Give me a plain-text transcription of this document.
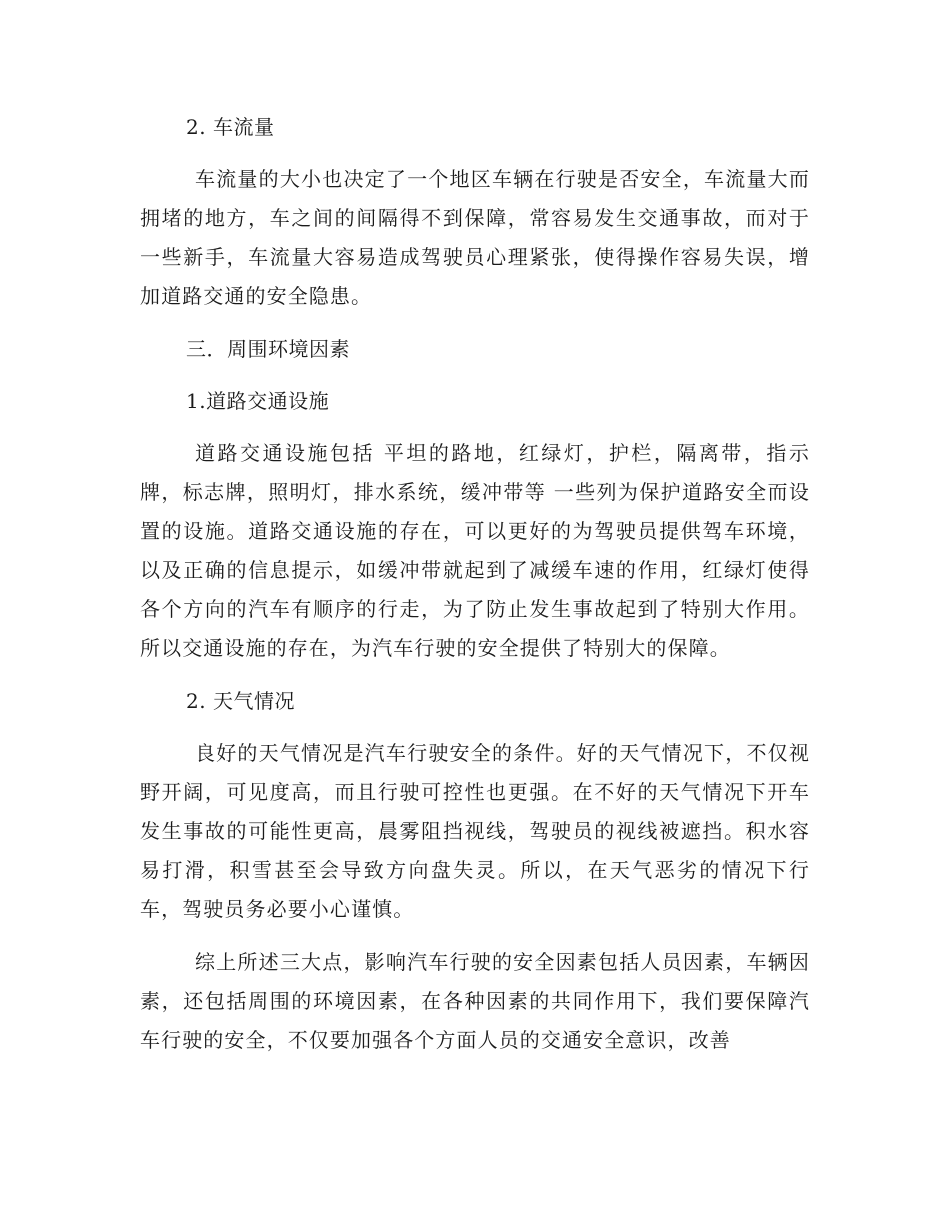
2. 车流量

车流量的大小也决定了一个地区车辆在行驶是否安全，车流量大而拥堵的地方，车之间的间隔得不到保障，常容易发生交通事故，而对于一些新手，车流量大容易造成驾驶员心理紧张，使得操作容易失误，增加道路交通的安全隐患。

三．周围环境因素
1.道路交通设施

道路交通设施包括 平坦的路地，红绿灯，护栏，隔离带，指示牌，标志牌，照明灯，排水系统，缓冲带等 一些列为保护道路安全而设置的设施。道路交通设施的存在，可以更好的为驾驶员提供驾车环境，以及正确的信息提示，如缓冲带就起到了减缓车速的作用，红绿灯使得各个方向的汽车有顺序的行走，为了防止发生事故起到了特别大作用。所以交通设施的存在，为汽车行驶的安全提供了特别大的保障。

2. 天气情况

良好的天气情况是汽车行驶安全的条件。好的天气情况下，不仅视野开阔，可见度高，而且行驶可控性也更强。在不好的天气情况下开车发生事故的可能性更高，晨雾阻挡视线，驾驶员的视线被遮挡。积水容易打滑，积雪甚至会导致方向盘失灵。所以，在天气恶劣的情况下行车，驾驶员务必要小心谨慎。

综上所述三大点，影响汽车行驶的安全因素包括人员因素，车辆因素，还包括周围的环境因素，在各种因素的共同作用下，我们要保障汽车行驶的安全，不仅要加强各个方面人员的交通安全意识，改善
